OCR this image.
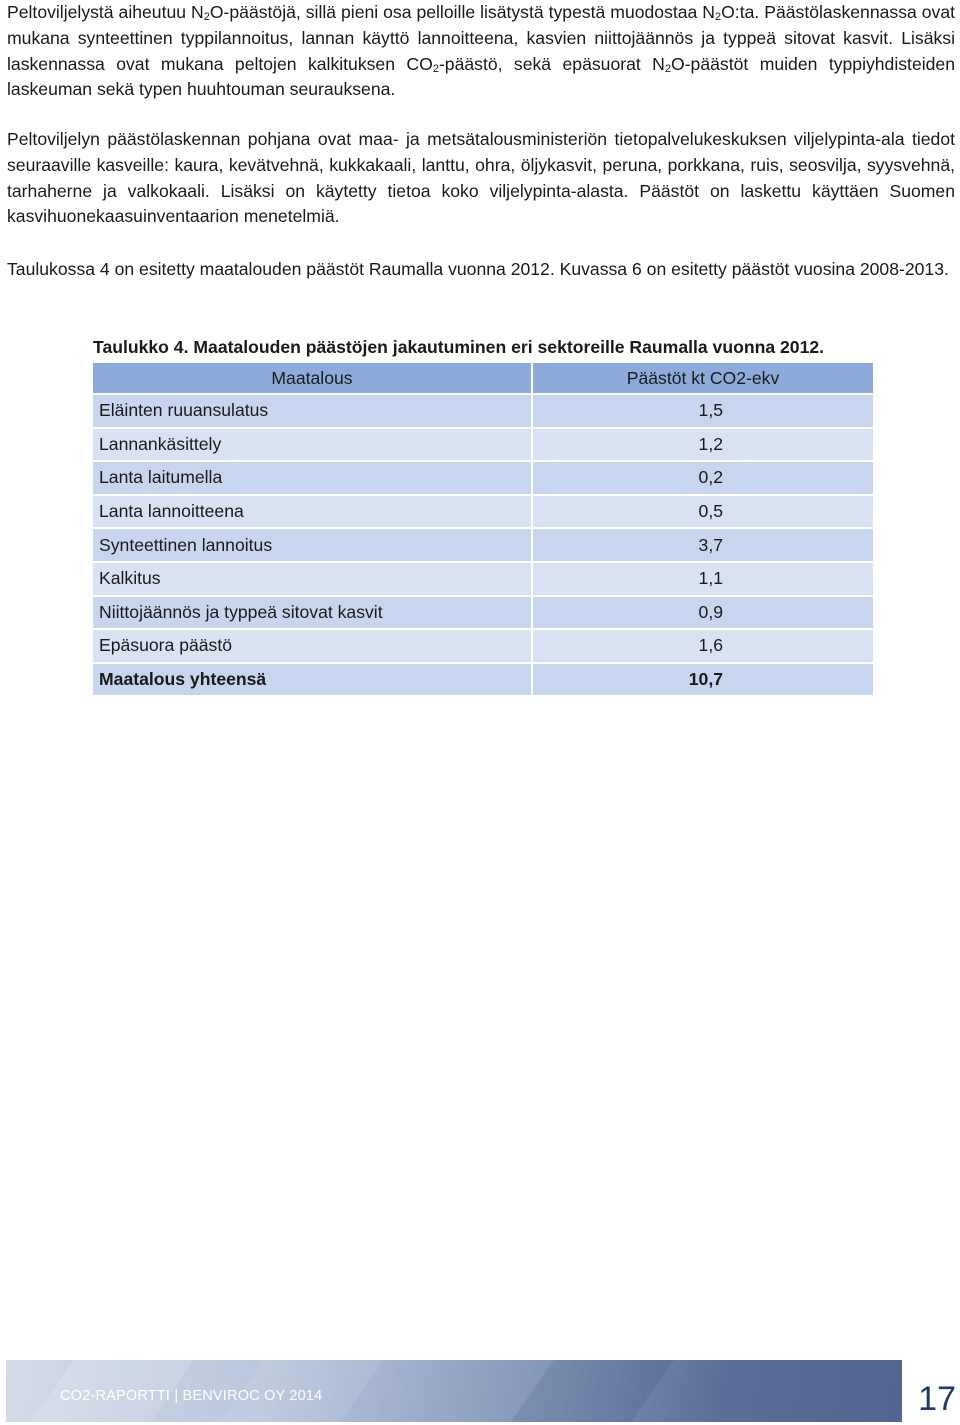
Peltoviljelystä aiheutuu $N_2O$-päästöjä, sillä pieni osa pelloille lisätystä typestä muodostaa $N_2O:ta$. Päästölaskennassa ovat mukana synteettinen typpilannoitus, lannan käyttö lannoitteena, kasvien niittojäännös ja typpeä sitovat kasvit. Lisäksi laskennassa ovat mukana peltojen kalkituksen $CO_2$-päästö, sekä epäsuorat $N_2O$-päästöt muiden typpiyhdisteiden laskeuman sekä typen huuhtouman seurauksena.
Peltoviljelyn päästölaskennan pohjana ovat maa- ja metsätalousministeriön tietopalvelukeskuksen viljelypinta-ala tiedot seuraaville kasveille: kaura, kevätvehnä, kukkakaali, lanttu, ohra, öljykasvit, peruna, porkkana, ruis, seosvilja, syysvehnä, tarhaherne ja valkokaali. Lisäksi on käytetty tietoa koko viljelypinta-alasta. Päästöt on laskettu käyttäen Suomen kasvihuonekaasuinventaarion menetelmiä.
Taulukossa 4 on esitetty maatalouden päästöt Raumalla vuonna 2012. Kuvassa 6 on esitetty päästöt vuosina 2008-2013.
Taulukko 4. Maatalouden päästöjen jakautuminen eri sektoreille Raumalla vuonna 2012.
Maatalous	Päästöt kt CO2-ekv
Eläinten ruuansulatus	1,5
Lannankäsittely	1,2
Lanta laitumella	0,2
Lanta lannoitteena	0,5
Synteettinen lannoitus	3,7
Kalkitus	1,1
Niittojäännös ja typpeä sitovat kasvit	0,9
Epäsuora päästö	1,6
Maatalous yhteensä	10,7
CO2-RAPORTTI | BENVIROC OY 2014	17
